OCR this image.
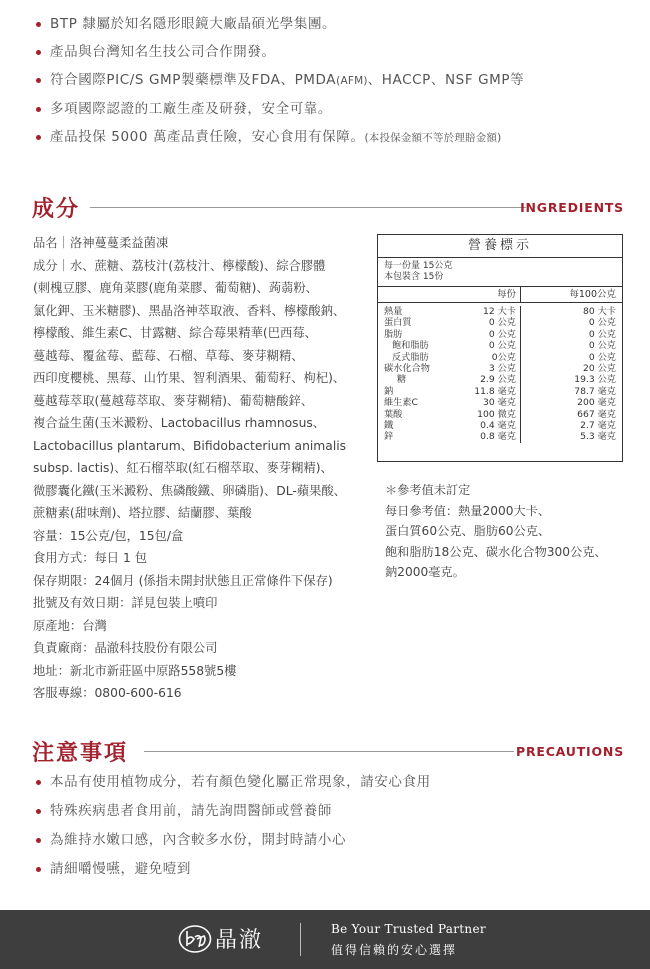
BTP 隸屬於知名隱形眼鏡大廠晶碩光學集團。
產品與台灣知名生技公司合作開發。
符合國際PIC/S GMP製藥標準及FDA、PMDA(AFM)、HACCP、NSF GMP等
多項國際認證的工廠生產及研發，安全可靠。
產品投保 5000 萬產品責任險，安心食用有保障。(本投保金額不等於理賠金額)
成分	INGREDIENTS
品名｜洛神蔓蔓柔益菌凍
成分｜水、蔗糖、荔枝汁(荔枝汁、檸檬酸)、綜合膠體
(刺槐豆膠、鹿角菜膠(鹿角菜膠、葡萄糖)、蒟蒻粉、
氯化鉀、玉米糖膠)、黑晶洛神萃取液、香料、檸檬酸鈉、
檸檬酸、維生素C、甘露糖、綜合莓果精華(巴西莓、
蔓越莓、覆盆莓、藍莓、石榴、草莓、麥芽糊精、
西印度櫻桃、黑莓、山竹果、智利酒果、葡萄籽、枸杞)、
蔓越莓萃取(蔓越莓萃取、麥芽糊精)、葡萄糖酸鋅、
複合益生菌(玉米澱粉、Lactobacillus rhamnosus、
Lactobacillus plantarum、Bifidobacterium animalis
subsp. lactis)、紅石榴萃取(紅石榴萃取、麥芽糊精)、
微膠囊化鐵(玉米澱粉、焦磷酸鐵、卵磷脂)、DL-蘋果酸、
蔗糖素(甜味劑)、塔拉膠、結蘭膠、葉酸
容量：15公克/包，15包/盒
食用方式：每日 1 包
保存期限：24個月 (係指未開封狀態且正常條件下保存)
批號及有效日期：詳見包裝上噴印
原產地：台灣
負責廠商：晶澈科技股份有限公司
地址：新北市新莊區中原路558號5樓
客服專線：0800-600-616
營養標示
每一份量 15公克
本包裝含 15份
每份	每100公克
熱量	12 大卡	80 大卡
蛋白質	0 公克	0 公克
脂肪	0 公克	0 公克
飽和脂肪	0 公克	0 公克
反式脂肪	0公克	0 公克
碳水化合物	3 公克	20 公克
糖	2.9 公克	19.3 公克
鈉	11.8 毫克	78.7 毫克
維生素C	30 毫克	200 毫克
葉酸	100 微克	667 毫克
鐵	0.4 毫克	2.7 毫克
鋅	0.8 毫克	5.3 毫克
＊參考值未訂定
每日參考值：熱量2000大卡、
蛋白質60公克、脂肪60公克、
飽和脂肪18公克、碳水化合物300公克、
鈉2000毫克。
注意事項	PRECAUTIONS
本品有使用植物成分，若有顏色變化屬正常現象，請安心食用
特殊疾病患者食用前，請先詢問醫師或營養師
為維持水嫩口感，內含較多水份，開封時請小心
請細嚼慢嚥，避免噎到
晶澈	Be Your Trusted Partner
值得信賴的安心選擇
